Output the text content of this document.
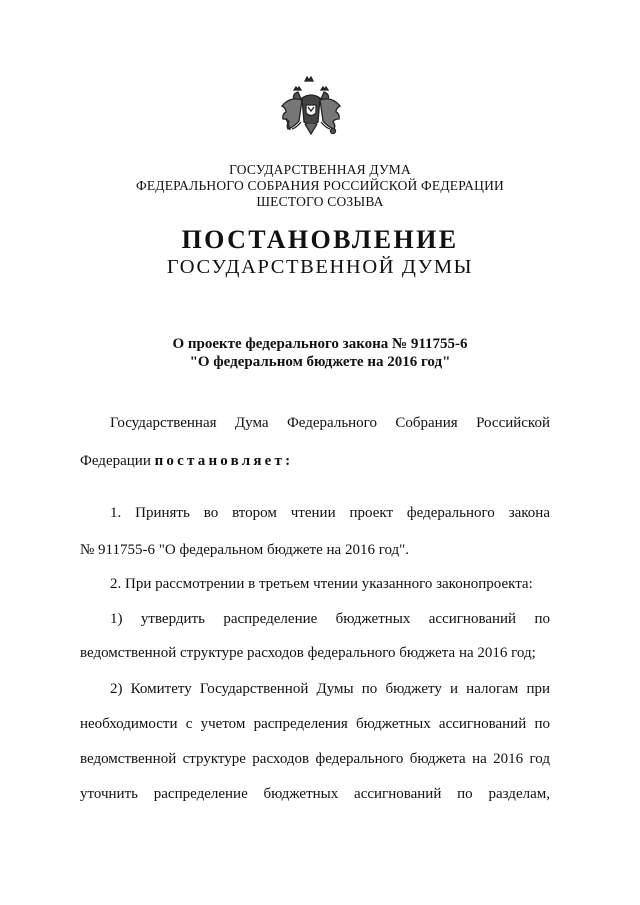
ГОСУДАРСТВЕННАЯ ДУМА
ФЕДЕРАЛЬНОГО СОБРАНИЯ РОССИЙСКОЙ ФЕДЕРАЦИИ
ШЕСТОГО СОЗЫВА
ПОСТАНОВЛЕНИЕ
ГОСУДАРСТВЕННОЙ ДУМЫ
О проекте федерального закона № 911755-6
"О федеральном бюджете на 2016 год"
Государственная Дума Федерального Собрания Российской
Федерации постановляет:
1. Принять во втором чтении проект федерального закона
№ 911755-6 "О федеральном бюджете на 2016 год".
2. При рассмотрении в третьем чтении указанного законопроекта:
1) утвердить распределение бюджетных ассигнований по
ведомственной структуре расходов федерального бюджета на 2016 год;
2) Комитету Государственной Думы по бюджету и налогам при
необходимости с учетом распределения бюджетных ассигнований по
ведомственной структуре расходов федерального бюджета на 2016 год
уточнить распределение бюджетных ассигнований по разделам,
